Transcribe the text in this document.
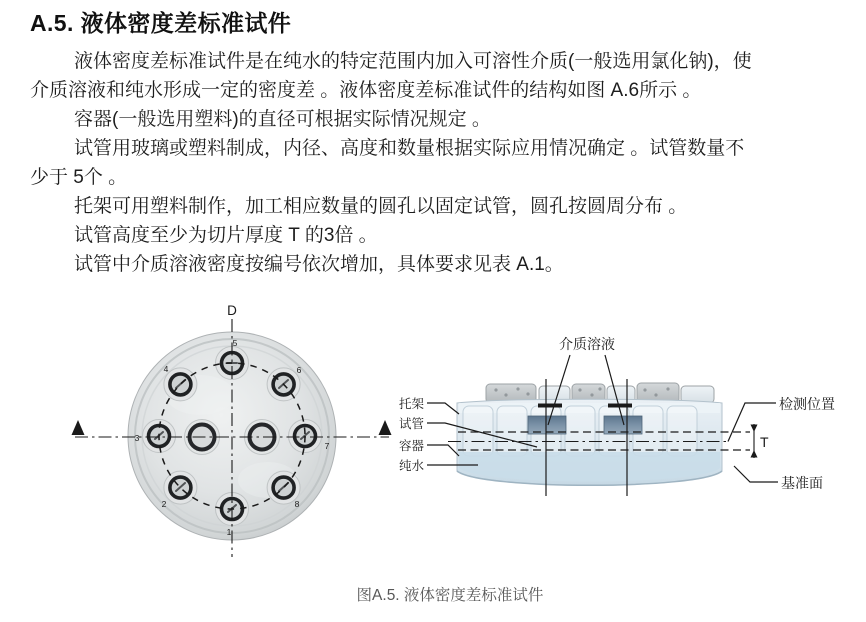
A.5. 液体密度差标准试件
液体密度差标准试件是在纯水的特定范围内加入可溶性介质(一般选用氯化钠)，使
介质溶液和纯水形成一定的密度差 。液体密度差标准试件的结构如图 A.6所示 。
容器(一般选用塑料)的直径可根据实际情况规定 。
试管用玻璃或塑料制成，内径、高度和数量根据实际应用情况确定 。试管数量不
少于 5个 。
托架可用塑料制作，加工相应数量的圆孔以固定试管，圆孔按圆周分布 。
试管高度至少为切片厚度 T 的3倍 。
试管中介质溶液密度按编号依次增加，具体要求见表 A.1。
D
1
2
3
4
5
6
7
8
介质溶液
托架
试管
容器
纯水
检测位置
T
基准面
图A.5. 液体密度差标准试件
